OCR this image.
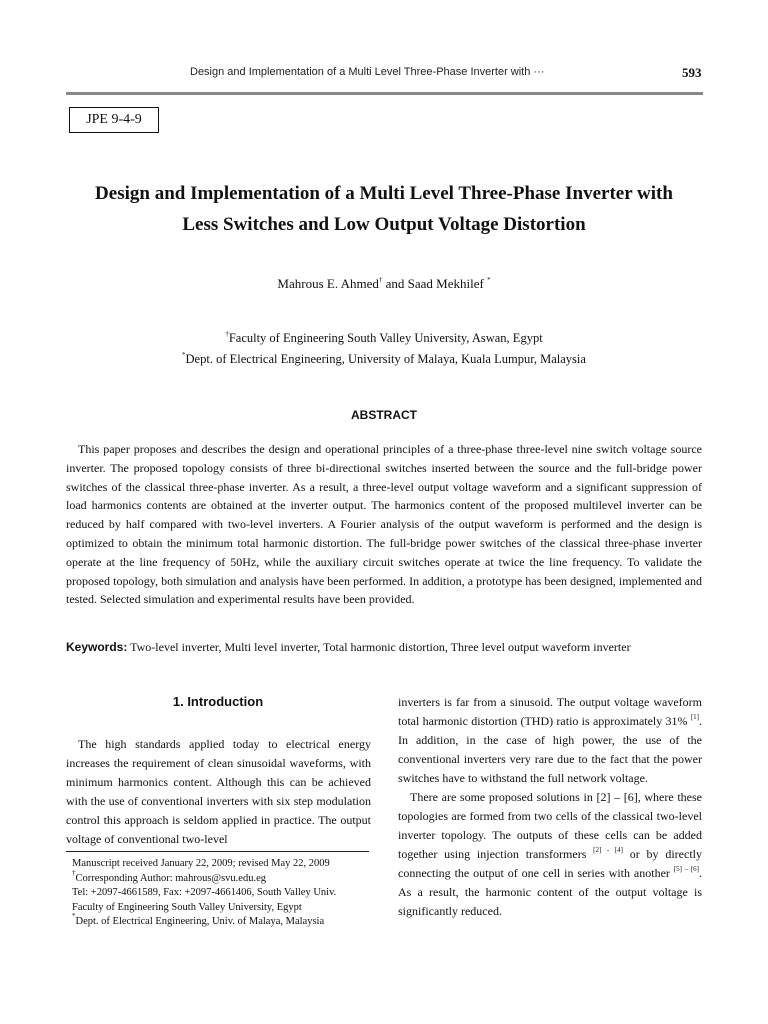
Design and Implementation of a Multi Level Three-Phase Inverter with ···	593
JPE 9-4-9
Design and Implementation of a Multi Level Three-Phase Inverter with
Less Switches and Low Output Voltage Distortion
Mahrous E. Ahmed† and Saad Mekhilef *
†Faculty of Engineering South Valley University, Aswan, Egypt
*Dept. of Electrical Engineering, University of Malaya, Kuala Lumpur, Malaysia
ABSTRACT

This paper proposes and describes the design and operational principles of a three-phase three-level nine switch voltage source inverter. The proposed topology consists of three bi-directional switches inserted between the source and the full-bridge power switches of the classical three-phase inverter. As a result, a three-level output voltage waveform and a significant suppression of load harmonics contents are obtained at the inverter output. The harmonics content of the proposed multilevel inverter can be reduced by half compared with two-level inverters. A Fourier analysis of the output waveform is performed and the design is optimized to obtain the minimum total harmonic distortion. The full-bridge power switches of the classical three-phase inverter operate at the line frequency of 50Hz, while the auxiliary circuit switches operate at twice the line frequency. To validate the proposed topology, both simulation and analysis have been performed. In addition, a prototype has been designed, implemented and tested. Selected simulation and experimental results have been provided.

Keywords: Two-level inverter, Multi level inverter, Total harmonic distortion, Three level output waveform inverter
1. Introduction

The high standards applied today to electrical energy increases the requirement of clean sinusoidal waveforms, with minimum harmonics content. Although this can be achieved with the use of conventional inverters with six step modulation control this approach is seldom applied in practice. The output voltage of conventional two-level

Manuscript received January 22, 2009; revised May 22, 2009
†Corresponding Author: mahrous@svu.edu.eg
Tel: +2097-4661589, Fax: +2097-4661406, South Valley Univ.
Faculty of Engineering South Valley University, Egypt
*Dept. of Electrical Engineering, Univ. of Malaya, Malaysia

inverters is far from a sinusoid. The output voltage waveform total harmonic distortion (THD) ratio is approximately 31% [1]. In addition, in the case of high power, the use of the conventional inverters very rare due to the fact that the power switches have to withstand the full network voltage.

There are some proposed solutions in [2] – [6], where these topologies are formed from two cells of the classical two-level inverter topology. The outputs of these cells can be added together using injection transformers [2] - [4] or by directly connecting the output of one cell in series with another [5] – [6]. As a result, the harmonic content of the output voltage is significantly reduced.
